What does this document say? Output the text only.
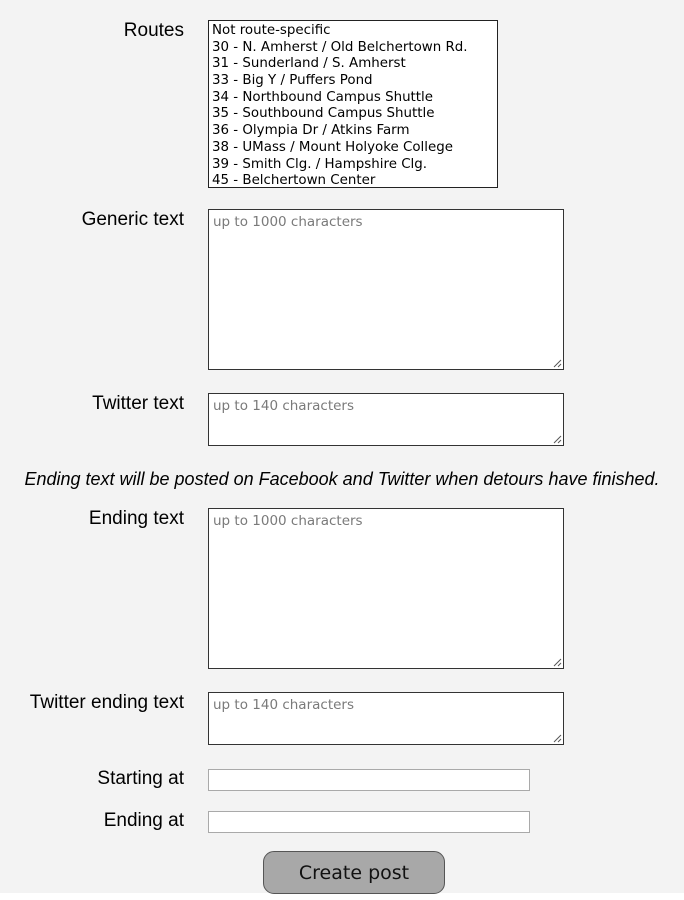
Routes Not route-specific
30 - N. Amherst / Old Belchertown Rd.
31 - Sunderland / S. Amherst
33 - Big Y / Puffers Pond
34 - Northbound Campus Shuttle
35 - Southbound Campus Shuttle
36 - Olympia Dr / Atkins Farm
38 - UMass / Mount Holyoke College
39 - Smith Clg. / Hampshire Clg.
45 - Belchertown Center
Generic text up to 1000 characters
Twitter text up to 140 characters
Ending text will be posted on Facebook and Twitter when detours have finished.
Ending text up to 1000 characters
Twitter ending text up to 140 characters
Starting at
Ending at
Create post
